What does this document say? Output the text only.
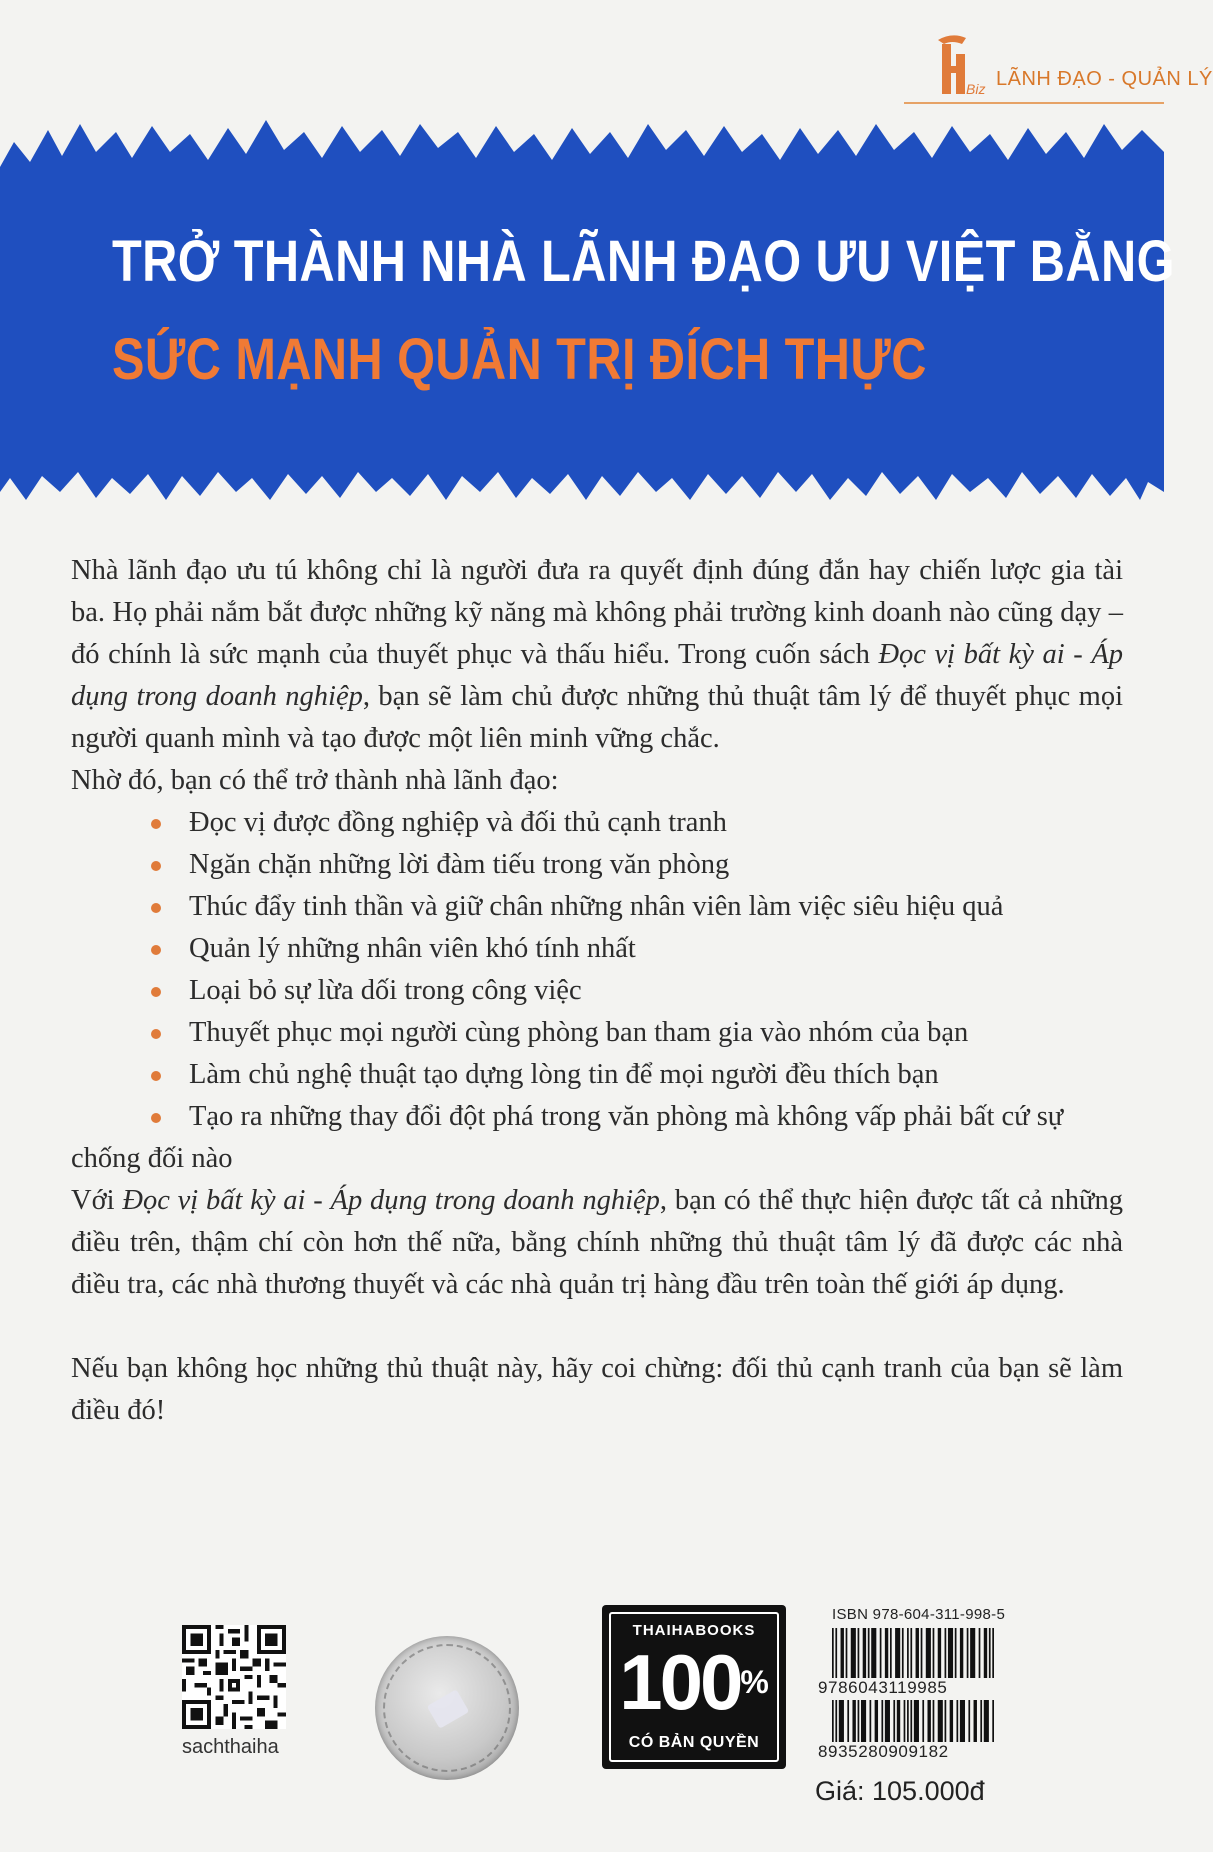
Biz LÃNH ĐẠO - QUẢN LÝ
TRỞ THÀNH NHÀ LÃNH ĐẠO ƯU VIỆT BẰNG
SỨC MẠNH QUẢN TRỊ ĐÍCH THỰC

Nhà lãnh đạo ưu tú không chỉ là người đưa ra quyết định đúng đắn hay chiến lược gia tài ba. Họ phải nắm bắt được những kỹ năng mà không phải trường kinh doanh nào cũng dạy – đó chính là sức mạnh của thuyết phục và thấu hiểu. Trong cuốn sách Đọc vị bất kỳ ai - Áp dụng trong doanh nghiệp, bạn sẽ làm chủ được những thủ thuật tâm lý để thuyết phục mọi người quanh mình và tạo được một liên minh vững chắc.

Nhờ đó, bạn có thể trở thành nhà lãnh đạo:

Đọc vị được đồng nghiệp và đối thủ cạnh tranh
Ngăn chặn những lời đàm tiếu trong văn phòng
Thúc đẩy tinh thần và giữ chân những nhân viên làm việc siêu hiệu quả
Quản lý những nhân viên khó tính nhất
Loại bỏ sự lừa dối trong công việc
Thuyết phục mọi người cùng phòng ban tham gia vào nhóm của bạn
Làm chủ nghệ thuật tạo dựng lòng tin để mọi người đều thích bạn
Tạo ra những thay đổi đột phá trong văn phòng mà không vấp phải bất cứ sự chống đối nào

Với Đọc vị bất kỳ ai - Áp dụng trong doanh nghiệp, bạn có thể thực hiện được tất cả những điều trên, thậm chí còn hơn thế nữa, bằng chính những thủ thuật tâm lý đã được các nhà điều tra, các nhà thương thuyết và các nhà quản trị hàng đầu trên toàn thế giới áp dụng.

Nếu bạn không học những thủ thuật này, hãy coi chừng: đối thủ cạnh tranh của bạn sẽ làm điều đó!

sachthaiha
THAIHABOOKS
100%
CÓ BẢN QUYỀN
ISBN 978-604-311-998-5
9786043119985
8935280909182
Giá: 105.000đ
